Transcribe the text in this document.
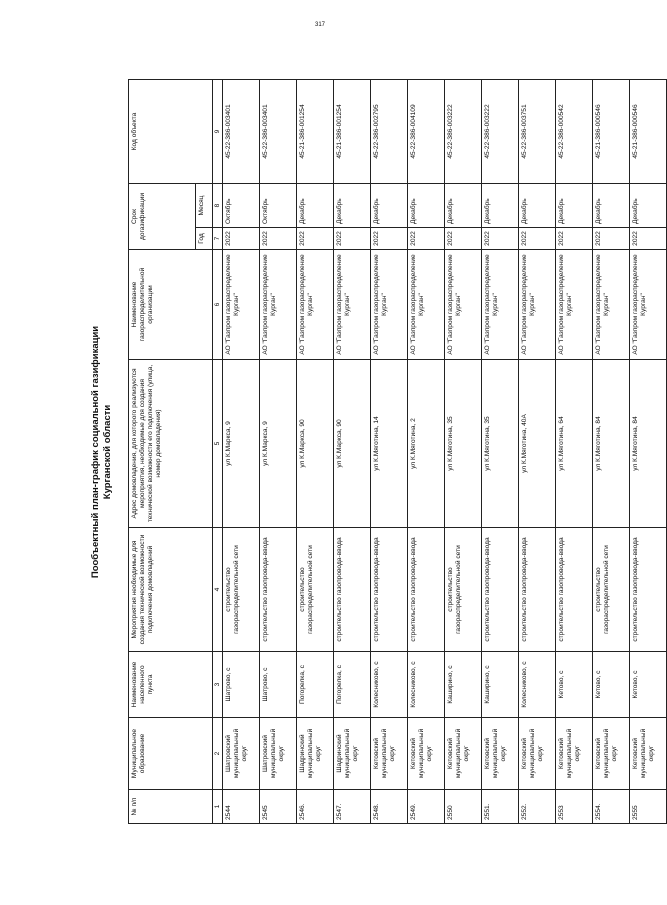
317
Пообъектный план-график социальной газификации Курганской области
№ п/п	Муниципальное образование	Наименование населенного пункта	Мероприятия необходимые для создания технической возможности подключения домовладений	Адрес домовладения, для которого реализуются мероприятия, необходимые для создания технической возможности его подключения (улица, номер домовладения)	Наименование газораспределительной организации	Срок догазификации		Код объекта
						Год	Месяц	
1	2	3	4	5	6	7	8	9
2544	Шатровский муниципальный округ	Шатрово, с	строительство газораспределительной сети	ул К.Маркса, 9	АО "Газпром газораспределение Курган"	2022	Октябрь	45-22-386-003401
2545	Шатровский муниципальный округ	Шатрово, с	строительство газопровода-ввода	ул К.Маркса, 9	АО "Газпром газораспределение Курган"	2022	Октябрь	45-22-386-003401
2546.	Шадринский муниципальный округ	Погорелка, с	строительство газораспределительной сети	ул К.Маркса, 90	АО "Газпром газораспределение Курган"	2022	Декабрь	45-21-386-001254
2547.	Шадринский муниципальный округ	Погорелка, с	строительство газопровода-ввода	ул К.Маркса, 90	АО "Газпром газораспределение Курган"	2022	Декабрь	45-21-386-001254
2548.	Кетовский муниципальный округ	Колесниково, с	строительство газопровода-ввода	ул К.Мяготина, 14	АО "Газпром газораспределение Курган"	2022	Декабрь	45-22-386-002795
2549.	Кетовский муниципальный округ	Колесниково, с	строительство газопровода-ввода	ул К.Мяготина, 2	АО "Газпром газораспределение Курган"	2022	Декабрь	45-22-386-004109
2550	Кетовский муниципальный округ	Каширино, с	строительство газораспределительной сети	ул К.Мяготина, 35	АО "Газпром газораспределение Курган"	2022	Декабрь	45-22-386-003222
2551.	Кетовский муниципальный округ	Каширино, с	строительство газопровода-ввода	ул К.Мяготина, 35	АО "Газпром газораспределение Курган"	2022	Декабрь	45-22-386-003222
2552.	Кетовский муниципальный округ	Колесниково, с	строительство газопровода-ввода	ул К.Мяготина, 40А	АО "Газпром газораспределение Курган"	2022	Декабрь	45-22-386-003751
2553	Кетовский муниципальный округ	Кетово, с	строительство газопровода-ввода	ул К.Мяготина, 64	АО "Газпром газораспределение Курган"	2022	Декабрь	45-22-386-000542
2554.	Кетовский муниципальный округ	Кетово, с	строительство газораспределительной сети	ул К.Мяготина, 84	АО "Газпром газораспределение Курган"	2022	Декабрь	45-21-386-000546
2555	Кетовский муниципальный округ	Кетово, с	строительство газопровода-ввода	ул К.Мяготина, 84	АО "Газпром газораспределение Курган"	2022	Декабрь	45-21-386-000546
